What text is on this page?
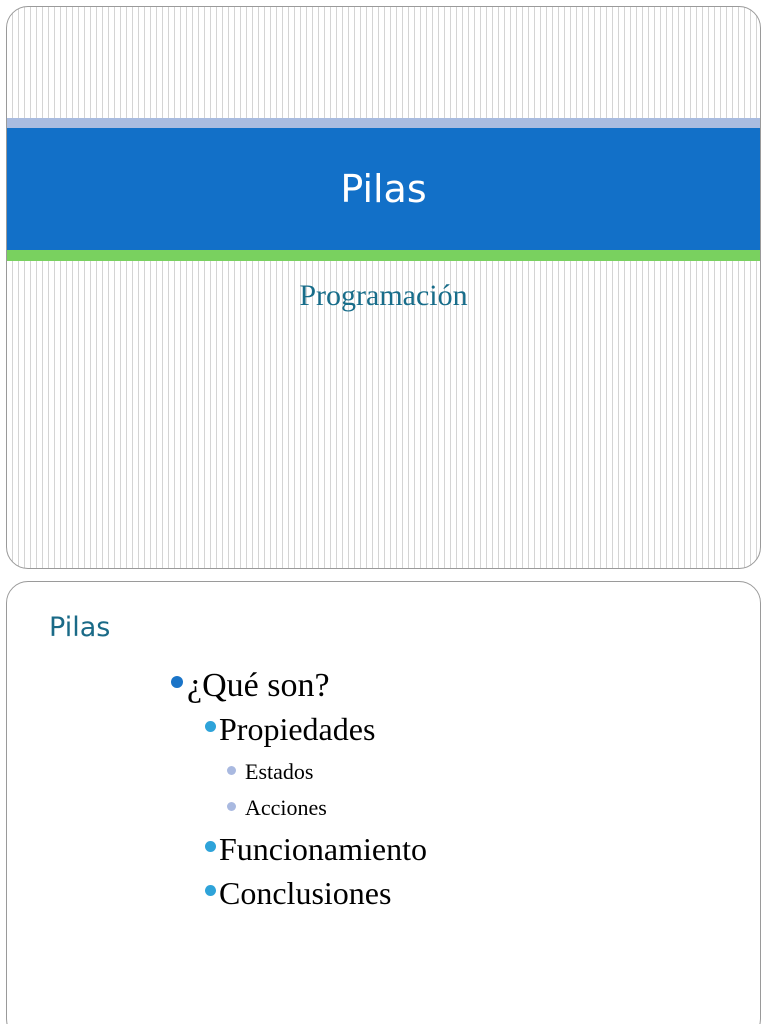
Pilas
Programación
Pilas
¿Qué son?
Propiedades
Estados
Acciones
Funcionamiento
Conclusiones
